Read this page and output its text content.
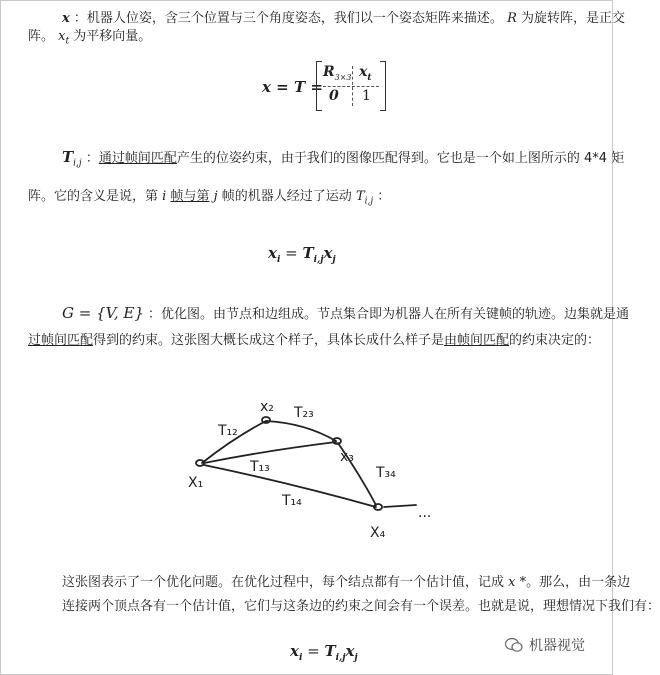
x ：机器人位姿，含三个位置与三个角度姿态，我们以一个姿态矩阵来描述。 R 为旋转阵，是正交
阵。 $x_t$ 为平移向量。
x = T =
$R_{3\times 3}$ $x_t$
0 1
$T_{i,j}$ ：通过帧间匹配产生的位姿约束，由于我们的图像匹配得到。它也是一个如上图所示的 4*4 矩
阵。它的含义是说，第 i 帧与第 j 帧的机器人经过了运动 $T_{i,j}$ ：
$x_i = T_{i,j}x_j$
G = {V, E} ：优化图。由节点和边组成。节点集合即为机器人在所有关键帧的轨迹。边集就是通
过帧间匹配得到的约束。这张图大概长成这个样子，具体长成什么样子是由帧间匹配的约束决定的：
X₁
x₂
x₃
X₄
T₁₂
T₂₃
T₁₃	T₃₄
T₁₄
...
这张图表示了一个优化问题。在优化过程中，每个结点都有一个估计值，记成 x *。那么，由一条边
连接两个顶点各有一个估计值，它们与这条边的约束之间会有一个误差。也就是说，理想情况下我们有：
$x_i = T_{i,j}x_j$
机器视觉
